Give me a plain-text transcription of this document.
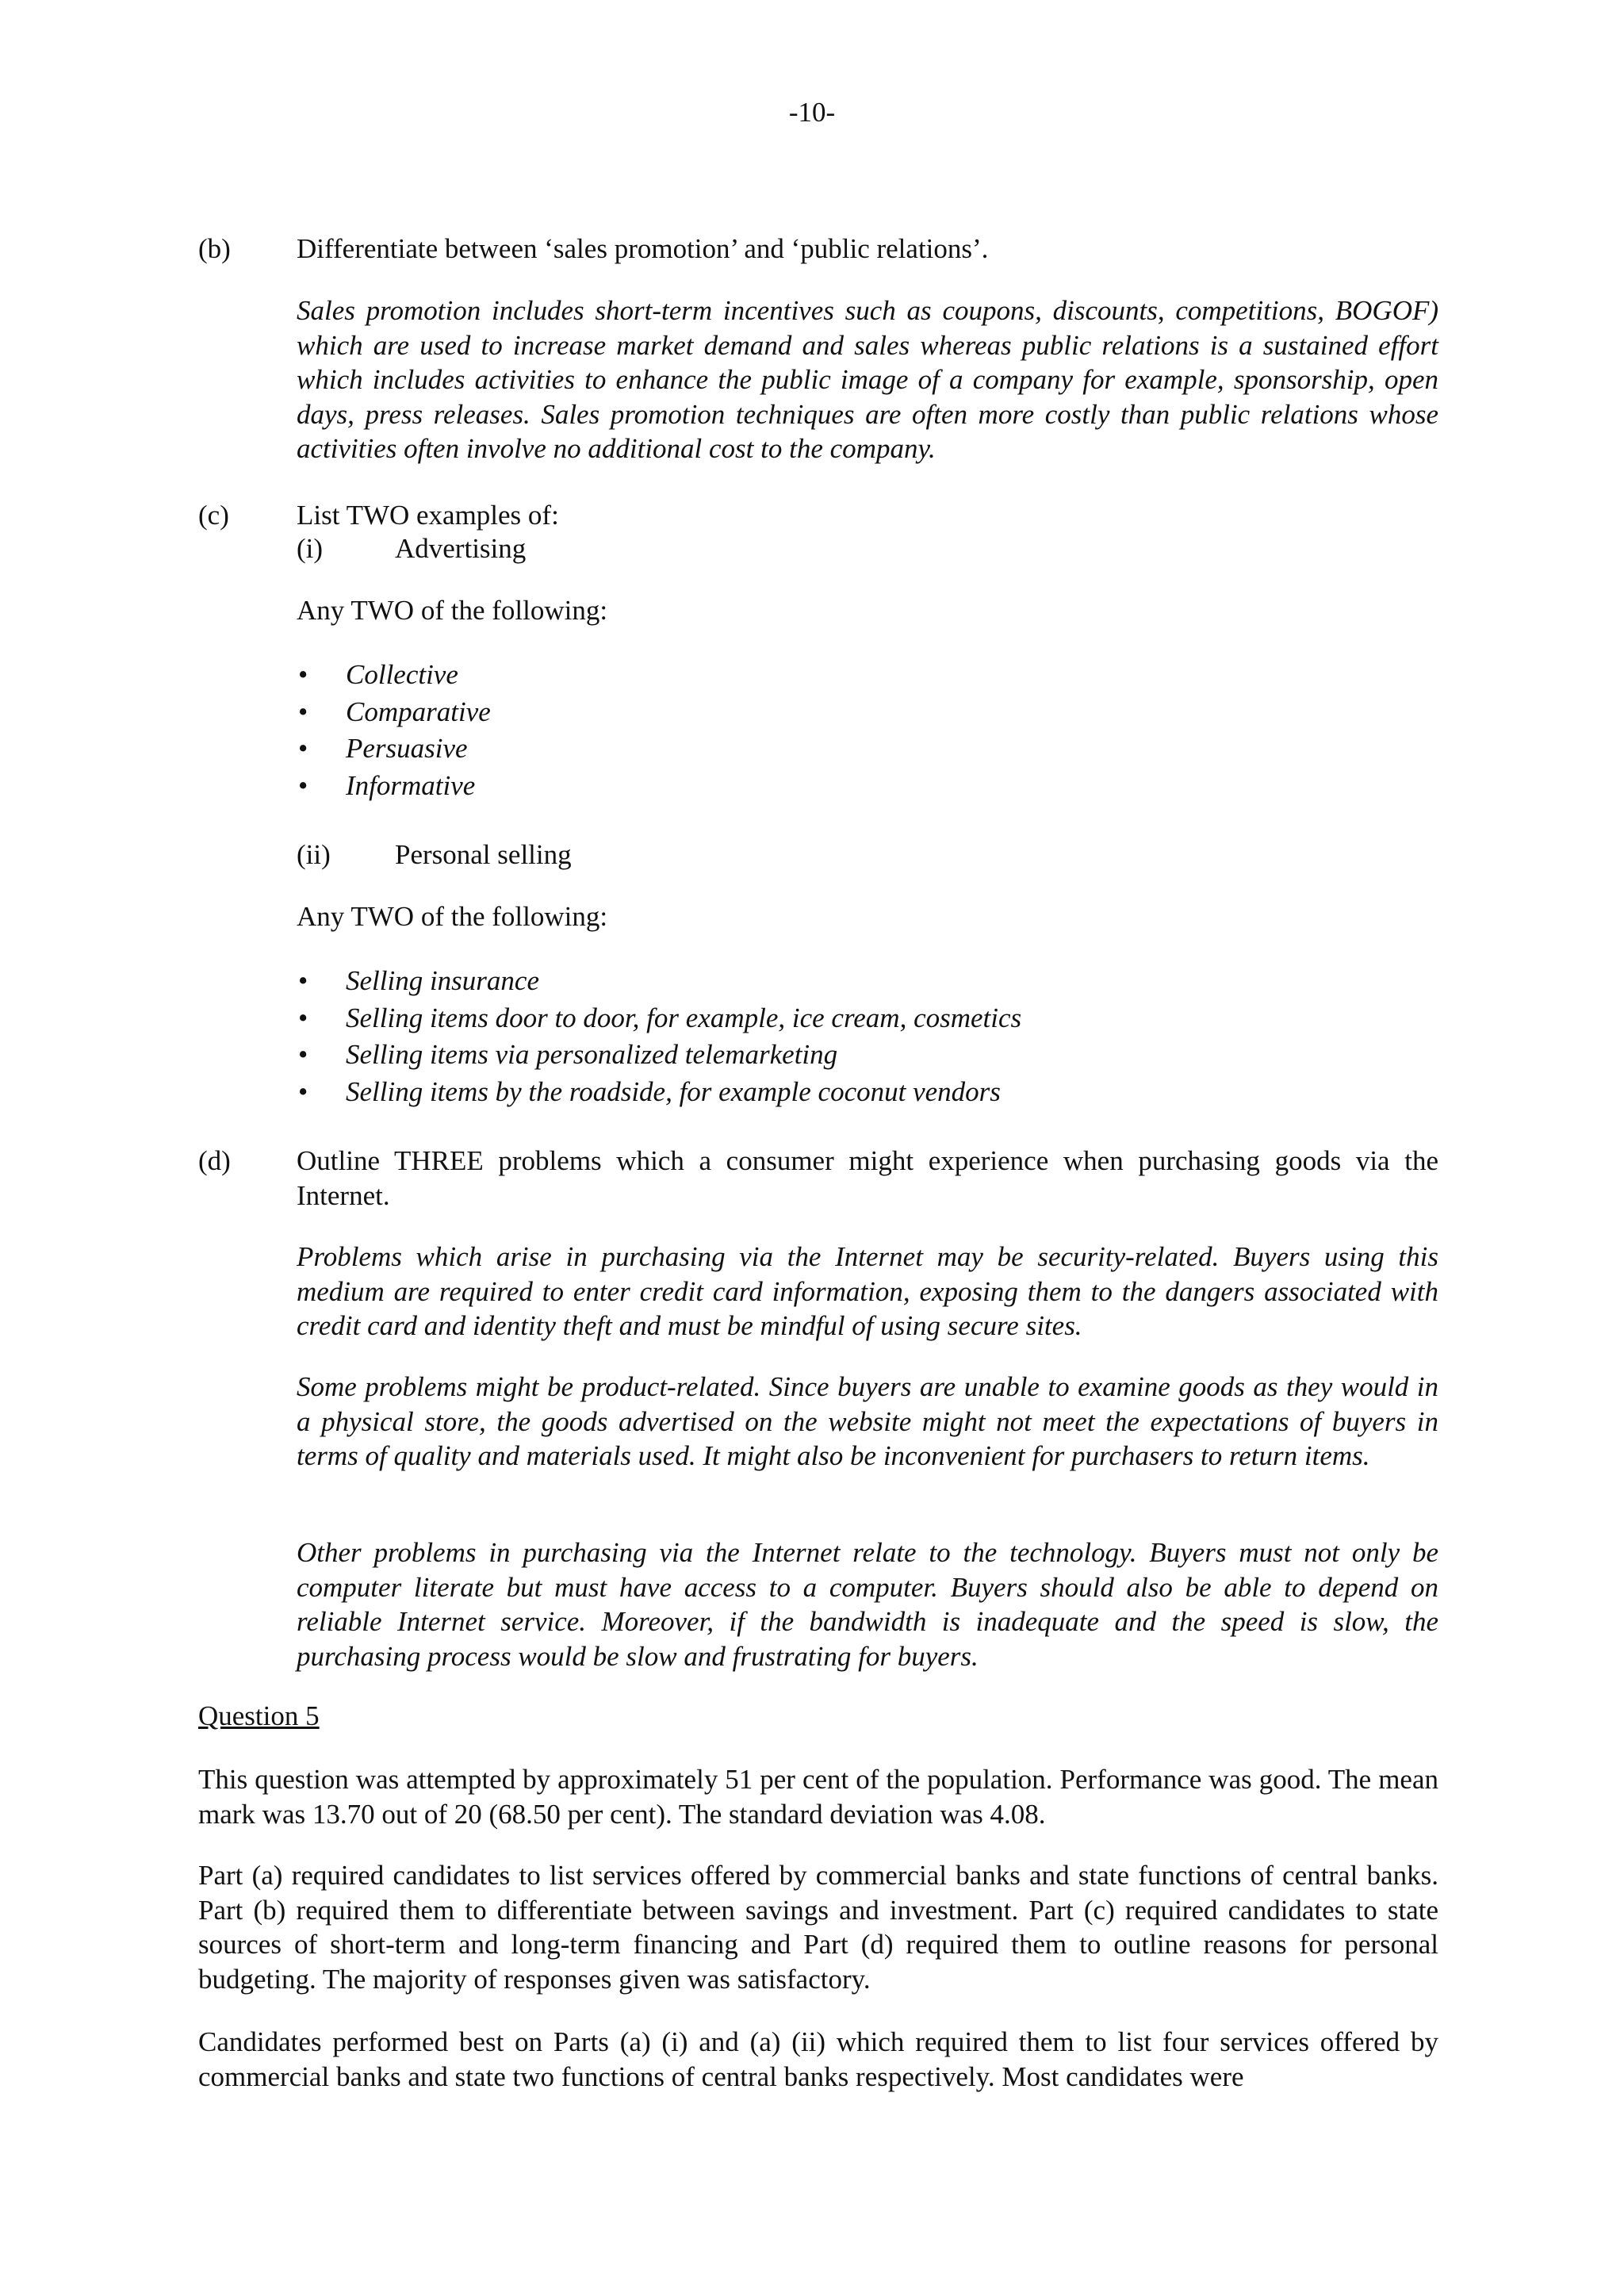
-10-
(b) Differentiate between ‘sales promotion’ and ‘public relations’.
Sales promotion includes short-term incentives such as coupons, discounts, competitions, BOGOF) which are used to increase market demand and sales whereas public relations is a sustained effort which includes activities to enhance the public image of a company for example, sponsorship, open days, press releases. Sales promotion techniques are often more costly than public relations whose activities often involve no additional cost to the company.
(c) List TWO examples of:
(i)	Advertising
Any TWO of the following:
• Collective
• Comparative
• Persuasive
• Informative
(ii) Personal selling
Any TWO of the following:
• Selling insurance
• Selling items door to door, for example, ice cream, cosmetics
• Selling items via personalized telemarketing
• Selling items by the roadside, for example coconut vendors
(d) Outline THREE problems which a consumer might experience when purchasing goods via the Internet.
Problems which arise in purchasing via the Internet may be security-related. Buyers using this medium are required to enter credit card information, exposing them to the dangers associated with credit card and identity theft and must be mindful of using secure sites.
Some problems might be product-related. Since buyers are unable to examine goods as they would in a physical store, the goods advertised on the website might not meet the expectations of buyers in terms of quality and materials used. It might also be inconvenient for purchasers to return items.
Other problems in purchasing via the Internet relate to the technology. Buyers must not only be computer literate but must have access to a computer. Buyers should also be able to depend on reliable Internet service. Moreover, if the bandwidth is inadequate and the speed is slow, the purchasing process would be slow and frustrating for buyers.
Question 5
This question was attempted by approximately 51 per cent of the population. Performance was good. The mean mark was 13.70 out of 20 (68.50 per cent). The standard deviation was 4.08.
Part (a) required candidates to list services offered by commercial banks and state functions of central banks. Part (b) required them to differentiate between savings and investment. Part (c) required candidates to state sources of short-term and long-term financing and Part (d) required them to outline reasons for personal budgeting. The majority of responses given was satisfactory.
Candidates performed best on Parts (a) (i) and (a) (ii) which required them to list four services offered by commercial banks and state two functions of central banks respectively. Most candidates were
